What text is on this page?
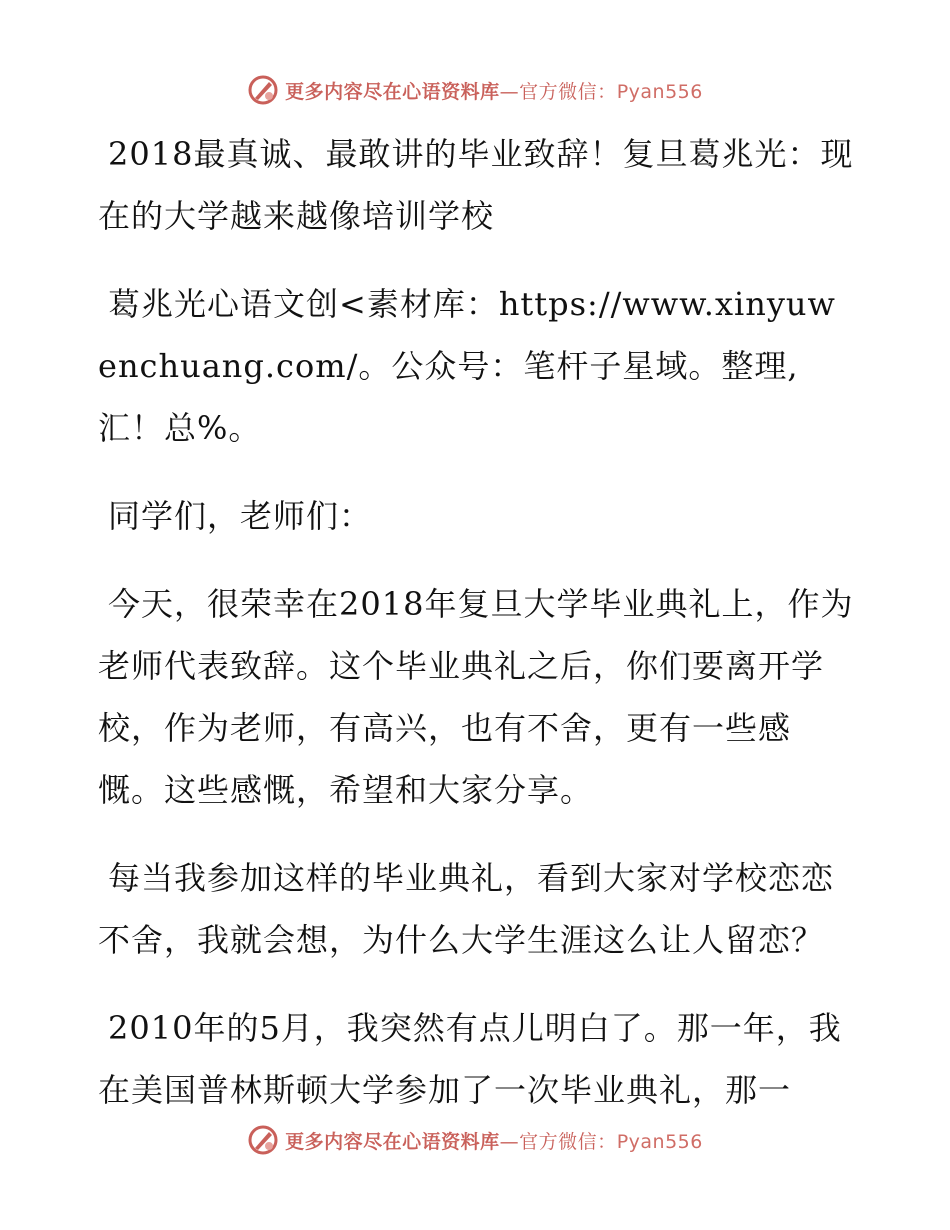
更多内容尽在心语资料库—官方微信：Pyan556

2018最真诚、最敢讲的毕业致辞！复旦葛兆光：现在的大学越来越像培训学校

葛兆光心语文创<素材库：https://www.xinyuwenchuang.com/。公众号：笔杆子星域。整理,汇！总%。

同学们，老师们：

今天，很荣幸在2018年复旦大学毕业典礼上，作为老师代表致辞。这个毕业典礼之后，你们要离开学校，作为老师，有高兴，也有不舍，更有一些感慨。这些感慨，希望和大家分享。

每当我参加这样的毕业典礼，看到大家对学校恋恋不舍，我就会想，为什么大学生涯这么让人留恋？

2010年的5月，我突然有点儿明白了。那一年，我在美国普林斯顿大学参加了一次毕业典礼，那一

更多内容尽在心语资料库—官方微信：Pyan556
